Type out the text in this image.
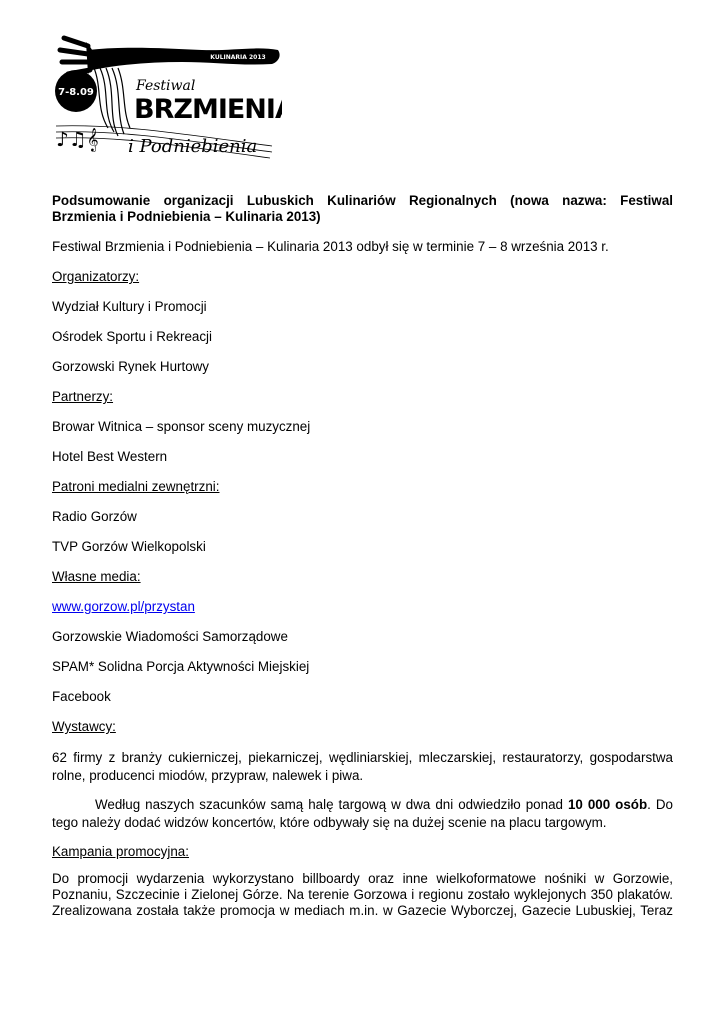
7-8.09
KULINARIA 2013
Festiwal
BRZMIENIA
♪♫𝄞 i Podniebienia

Podsumowanie organizacji Lubuskich Kulinariów Regionalnych (nowa nazwa: Festiwal Brzmienia i Podniebienia – Kulinaria 2013)

Festiwal Brzmienia i Podniebienia – Kulinaria 2013 odbył się w terminie 7 – 8 września 2013 r.

Organizatorzy:

Wydział Kultury i Promocji

Ośrodek Sportu i Rekreacji

Gorzowski Rynek Hurtowy

Partnerzy:

Browar Witnica – sponsor sceny muzycznej

Hotel Best Western

Patroni medialni zewnętrzni:

Radio Gorzów

TVP Gorzów Wielkopolski

Własne media:

www.gorzow.pl/przystan

Gorzowskie Wiadomości Samorządowe

SPAM* Solidna Porcja Aktywności Miejskiej

Facebook

Wystawcy:

62 firmy z branży cukierniczej, piekarniczej, wędliniarskiej, mleczarskiej, restauratorzy, gospodarstwa rolne, producenci miodów, przypraw, nalewek i piwa.

Według naszych szacunków samą halę targową w dwa dni odwiedziło ponad 10 000 osób. Do tego należy dodać widzów koncertów, które odbywały się na dużej scenie na placu targowym.

Kampania promocyjna:

Do promocji wydarzenia wykorzystano billboardy oraz inne wielkoformatowe nośniki w Gorzowie, Poznaniu, Szczecinie i Zielonej Górze. Na terenie Gorzowa i regionu zostało wyklejonych 350 plakatów. Zrealizowana została także promocja w mediach m.in. w Gazecie Wyborczej, Gazecie Lubuskiej, Teraz
